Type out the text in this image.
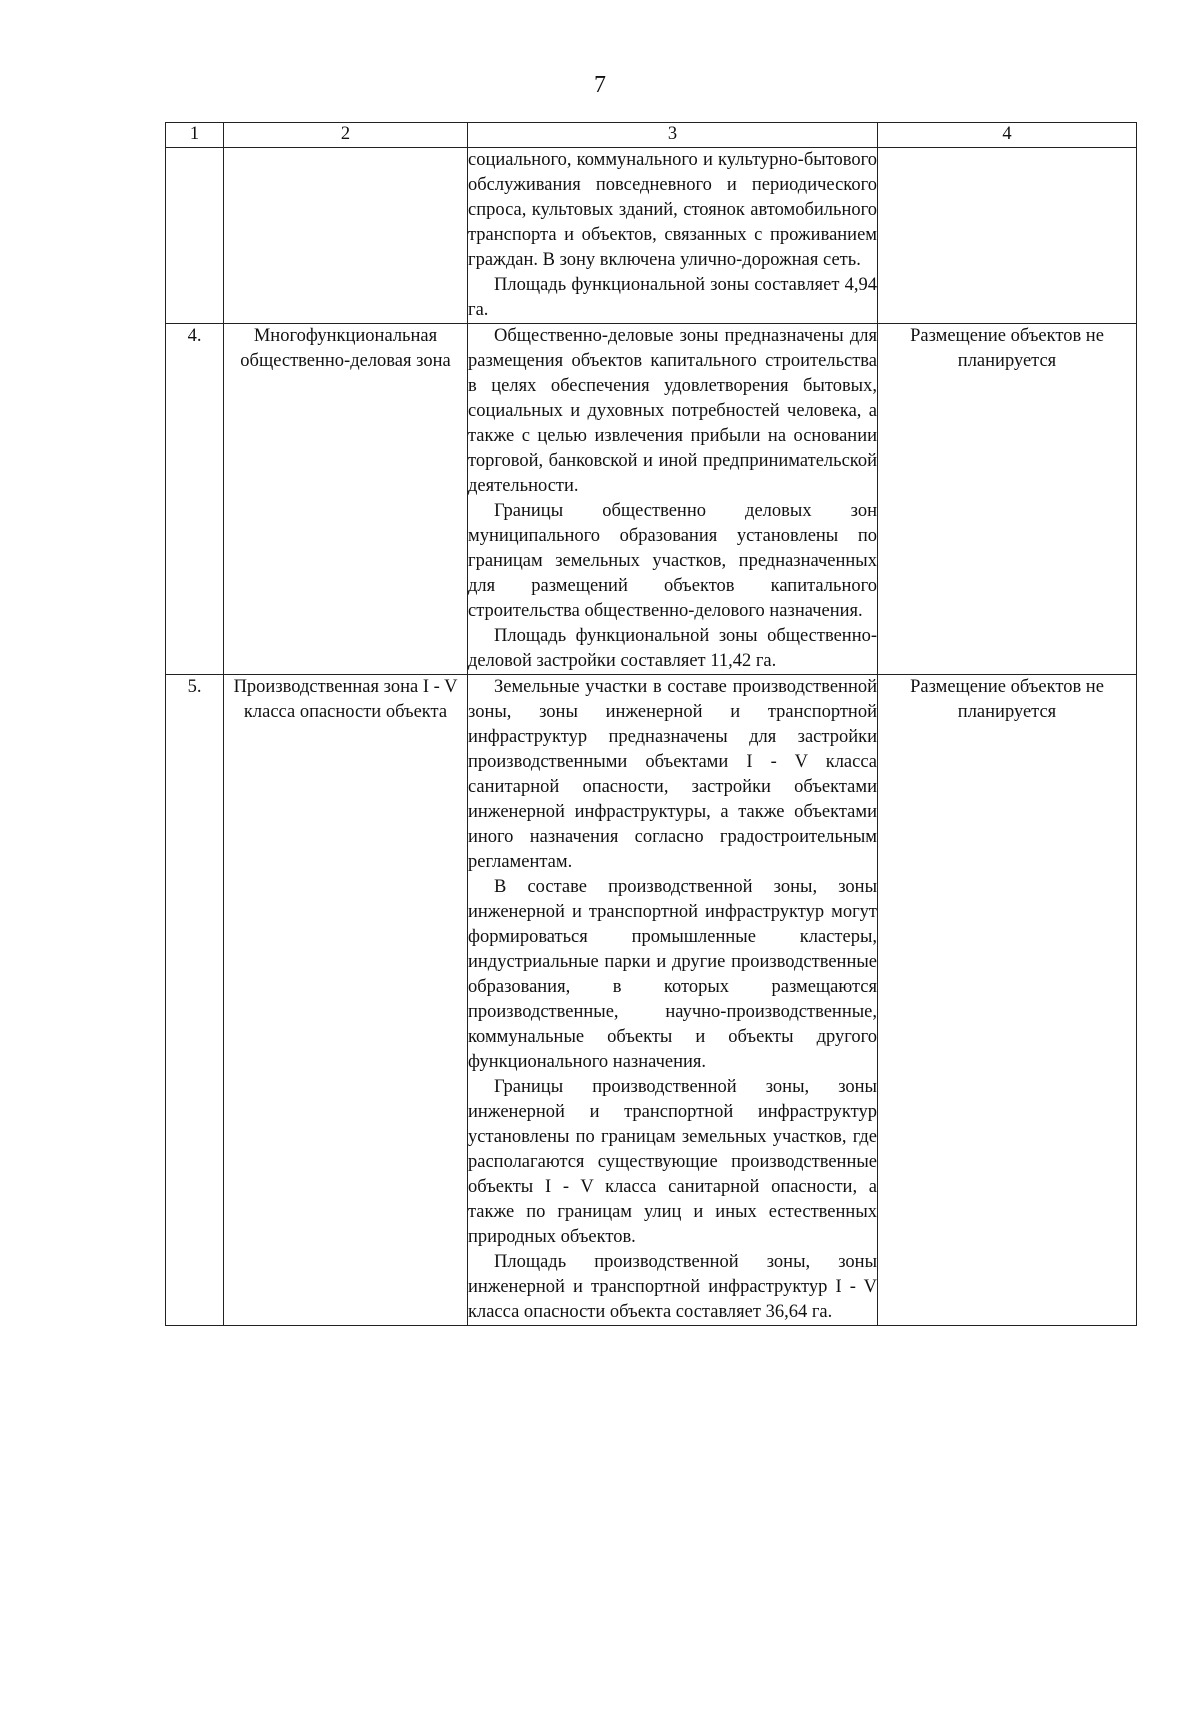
7
1	2	3	4

		социального, коммунального и культурно-бытового обслуживания повседневного и периодического спроса, культовых зданий, стоянок автомобильного транспорта и объектов, связанных с проживанием граждан. В зону включена улично-дорожная сеть.

Площадь функциональной зоны составляет 4,94 га.	

4.	Многофункциональная общественно-деловая зона	Общественно-деловые зоны предназначены для размещения объектов капитального строительства в целях обеспечения удовлетворения бытовых, социальных и духовных потребностей человека, а также с целью извлечения прибыли на основании торговой, банковской и иной предпринимательской деятельности.

Границы общественно деловых зон муниципального образования установлены по границам земельных участков, предназначенных для размещений объектов капитального строительства общественно-делового назначения.

Площадь функциональной зоны общественно-деловой застройки составляет 11,42 га.	Размещение объектов не планируется
5.	Производственная зона I - V класса опасности объекта	Земельные участки в составе производственной зоны, зоны инженерной и транспортной инфраструктур предназначены для застройки производственными объектами I - V класса санитарной опасности, застройки объектами инженерной инфраструктуры, а также объектами иного назначения согласно градостроительным регламентам.

В составе производственной зоны, зоны инженерной и транспортной инфраструктур могут формироваться промышленные кластеры, индустриальные парки и другие производственные образования, в которых размещаются производственные, научно-производственные, коммунальные объекты и объекты другого функционального назначения.

Границы производственной зоны, зоны инженерной и транспортной инфраструктур установлены по границам земельных участков, где располагаются существующие производственные объекты I - V класса санитарной опасности, а также по границам улиц и иных естественных природных объектов.

Площадь производственной зоны, зоны инженерной и транспортной инфраструктур I - V класса опасности объекта составляет 36,64 га.	Размещение объектов не планируется
